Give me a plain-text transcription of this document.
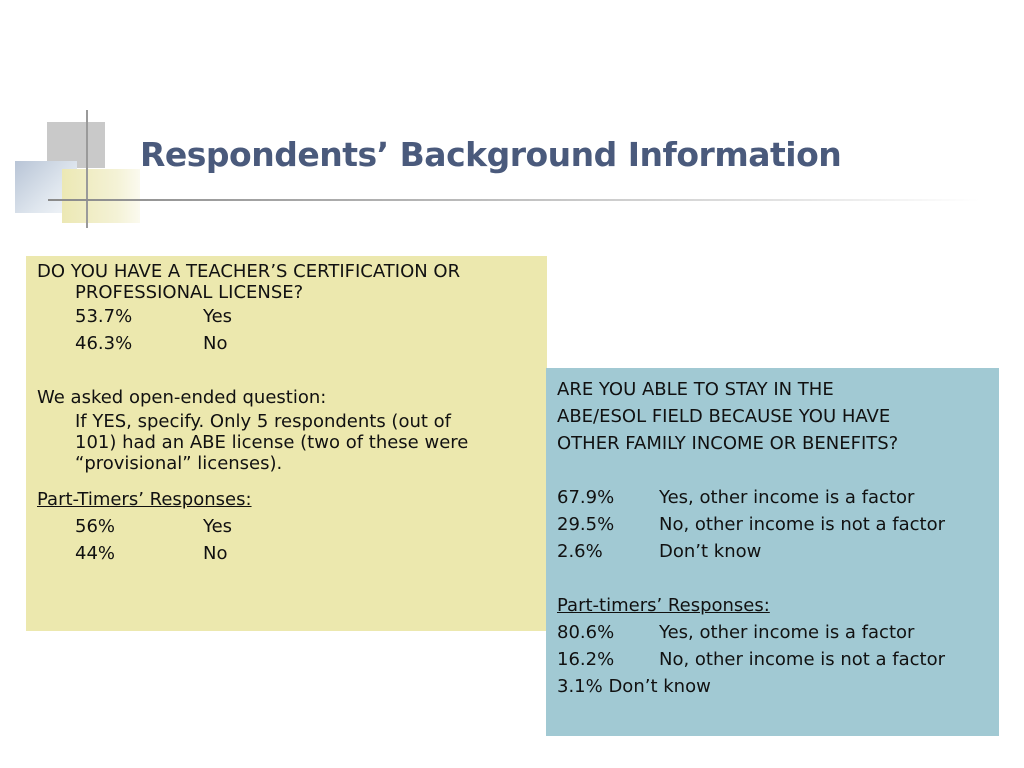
Respondents’ Background Information

DO YOU HAVE A TEACHER’S CERTIFICATION OR

PROFESSIONAL LICENSE?

53.7%	Yes
46.3%	No

We asked open-ended question:

If YES, specify. Only 5 respondents (out of

101) had an ABE license (two of these were

“provisional” licenses).

Part-Timers’ Responses:

56%	Yes
44%	No

ARE YOU ABLE TO STAY IN THE

ABE/ESOL FIELD BECAUSE YOU HAVE

OTHER FAMILY INCOME OR BENEFITS?

67.9%	Yes, other income is a factor
29.5%	No, other income is not a factor
2.6%	Don’t know

Part-timers’ Responses:

80.6%	Yes, other income is a factor
16.2%	No, other income is not a factor

3.1% Don’t know
